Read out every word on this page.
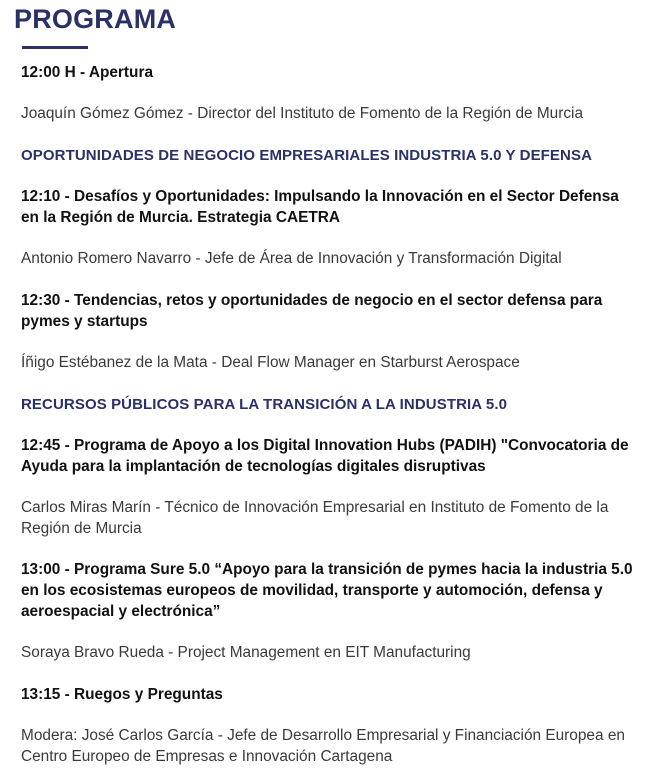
PROGRAMA

12:00 H - Apertura

Joaquín Gómez Gómez - Director del Instituto de Fomento de la Región de Murcia

OPORTUNIDADES DE NEGOCIO EMPRESARIALES INDUSTRIA 5.0 Y DEFENSA

12:10 - Desafíos y Oportunidades: Impulsando la Innovación en el Sector Defensa en la Región de Murcia. Estrategia CAETRA

Antonio Romero Navarro - Jefe de Área de Innovación y Transformación Digital

12:30 - Tendencias, retos y oportunidades de negocio en el sector defensa para pymes y startups

Íñigo Estébanez de la Mata - Deal Flow Manager en Starburst Aerospace

RECURSOS PÚBLICOS PARA LA TRANSICIÓN A LA INDUSTRIA 5.0

12:45 - Programa de Apoyo a los Digital Innovation Hubs (PADIH) "Convocatoria de Ayuda para la implantación de tecnologías digitales disruptivas

Carlos Miras Marín - Técnico de Innovación Empresarial en Instituto de Fomento de la Región de Murcia

13:00 - Programa Sure 5.0 “Apoyo para la transición de pymes hacia la industria 5.0 en los ecosistemas europeos de movilidad, transporte y automoción, defensa y aeroespacial y electrónica”

Soraya Bravo Rueda - Project Management en EIT Manufacturing

13:15 - Ruegos y Preguntas

Modera: José Carlos García - Jefe de Desarrollo Empresarial y Financiación Europea en Centro Europeo de Empresas e Innovación Cartagena
